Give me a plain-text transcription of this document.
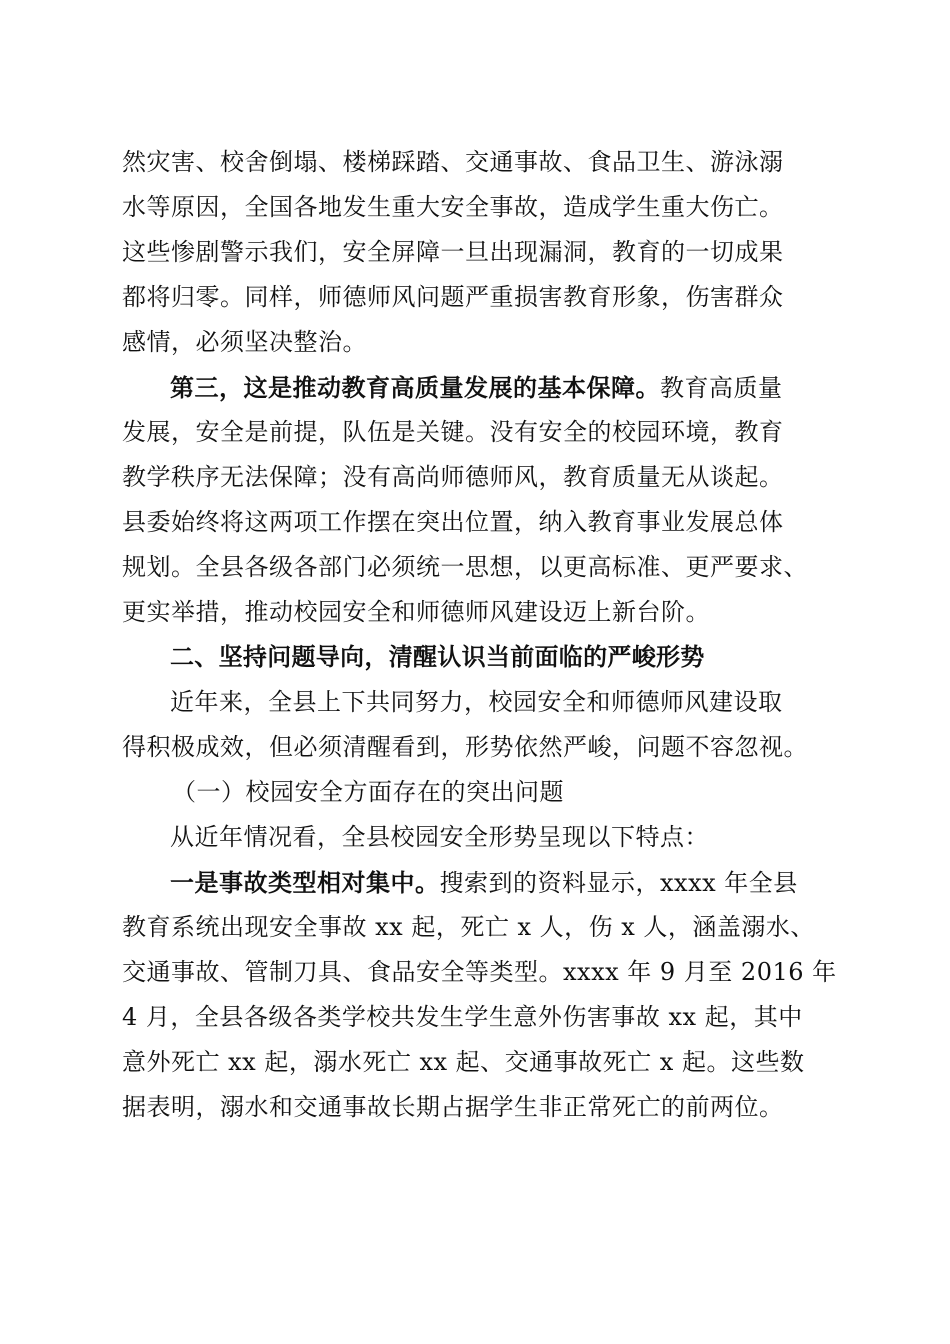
然灾害、校舍倒塌、楼梯踩踏、交通事故、食品卫生、游泳溺
水等原因，全国各地发生重大安全事故，造成学生重大伤亡。
这些惨剧警示我们，安全屏障一旦出现漏洞，教育的一切成果
都将归零。同样，师德师风问题严重损害教育形象，伤害群众
感情，必须坚决整治。
第三，这是推动教育高质量发展的基本保障。教育高质量
发展，安全是前提，队伍是关键。没有安全的校园环境，教育
教学秩序无法保障；没有高尚师德师风，教育质量无从谈起。
县委始终将这两项工作摆在突出位置，纳入教育事业发展总体
规划。全县各级各部门必须统一思想，以更高标准、更严要求、
更实举措，推动校园安全和师德师风建设迈上新台阶。
二、坚持问题导向，清醒认识当前面临的严峻形势
近年来，全县上下共同努力，校园安全和师德师风建设取
得积极成效，但必须清醒看到，形势依然严峻，问题不容忽视。
（一）校园安全方面存在的突出问题
从近年情况看，全县校园安全形势呈现以下特点：
一是事故类型相对集中。搜索到的资料显示，xxxx 年全县
教育系统出现安全事故 xx 起，死亡 x 人，伤 x 人，涵盖溺水、
交通事故、管制刀具、食品安全等类型。xxxx 年 9 月至 2016 年
4 月，全县各级各类学校共发生学生意外伤害事故 xx 起，其中
意外死亡 xx 起，溺水死亡 xx 起、交通事故死亡 x 起。这些数
据表明，溺水和交通事故长期占据学生非正常死亡的前两位。
